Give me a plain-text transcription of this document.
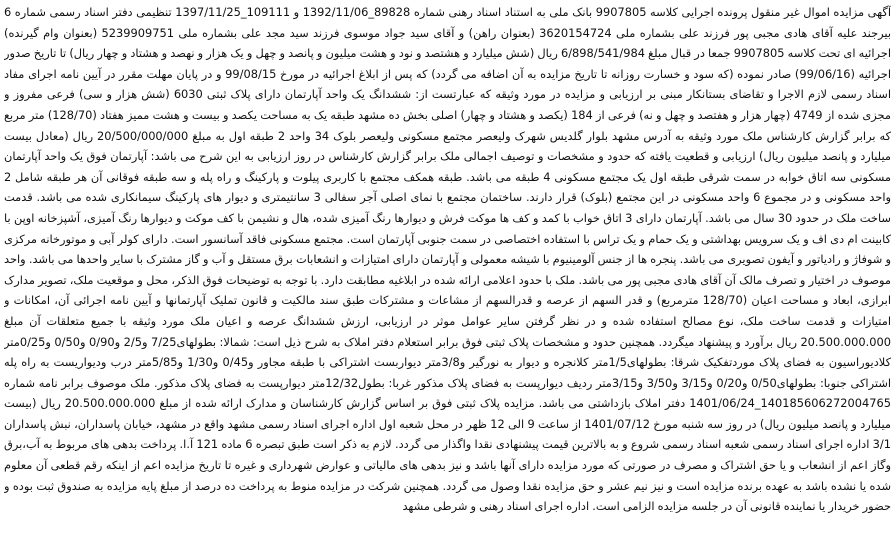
آگهی مزایده اموال غیر منقول پرونده اجرایی کلاسه 9907805 بانک ملی به استناد اسناد رهنی شماره 89828_1392/11/06 و 109111_1397/11/25 تنظیمی دفتر اسناد رسمی شماره 6 بیرجند علیه آقای هادی مجبی پور فرزند علی بشماره ملی 3620154724 (بعنوان راهن) و آقای سید جواد موسوی فرزند سید مجد علی بشماره ملی 5239909751 (بعنوان وام گیرنده) اجرائیه ای تحت کلاسه 9907805 جمعا در قبال مبلغ 6/898/541/984 ریال (شش میلیارد و هشتصد و نود و هشت میلیون و پانصد و چهل و یک هزار و نهصد و هشتاد و چهار ریال) تا تاریخ صدور اجرائیه (99/06/16) صادر نموده (که سود و خسارت روزانه تا تاریخ مزایده به آن اضافه می گردد) که پس از ابلاغ اجرائیه در مورخ 99/08/15 و در پایان مهلت مقرر در آیین نامه اجرای مفاد اسناد رسمی لازم الاجرا و تقاضای بستانکار مبنی بر ارزیابی و مزایده در مورد وثیقه که عبارتست از: ششدانگ یک واحد آپارتمان دارای پلاک ثبتی 6030 (شش هزار و سی) فرعی مفروز و مجزی شده از 4749 (چهار هزار و هفتصد و چهل و نه) فرعی از 184 (یکصد و هشتاد و چهار) اصلی بخش ده مشهد طبقه یک به مساحت یکصد و بیست و هشت ممیز هفتاد (128/70) متر مربع که برابر گزارش کارشناس ملک مورد وثیقه به آدرس مشهد بلوار گلدیس شهرک ولیعصر مجتمع مسکونی ولیعصر بلوک 34 واحد 2 طبقه اول به مبلغ 20/500/000/000 ریال (معادل بیست میلیارد و پانصد میلیون ریال) ارزیابی و قطعیت یافته که حدود و مشخصات و توصیف اجمالی ملک برابر گزارش کارشناس در روز ارزیابی به این شرح می باشد: آپارتمان فوق یک واحد آپارتمان مسکونی سه اتاق خوابه در سمت شرقی طبقه اول یک مجتمع مسکونی 4 طبقه می باشد. طبقه همکف مجتمع با کاربری پیلوت و پارکینگ و راه پله و سه طبقه فوقانی آن هر طبقه شامل 2 واحد مسکونی و در مجموع 6 واحد مسکونی در این مجتمع (بلوک) قرار دارند. ساختمان مجتمع با نمای اصلی آجر سفالی 3 سانتیمتری و دیوار های پارکینگ سیمانکاری شده می باشد. قدمت ساخت ملک در حدود 30 سال می باشد. آپارتمان دارای 3 اتاق خواب با کمد و کف ها موکت فرش و دیوارها رنگ آمیزی شده، هال و نشیمن با کف موکت و دیوارها رنگ آمیزی، آشپزخانه اوپن با کابینت ام دی اف و یک سرویس بهداشتی و یک حمام و یک تراس با استفاده اختصاصی در سمت جنوبی آپارتمان است. مجتمع مسکونی فاقد آسانسور است. دارای کولر آبی و موتورخانه مرکزی و شوفاژ و رادیاتور و آیفون تصویری می باشد. پنجره ها از جنس آلومینیوم با شیشه معمولی و آپارتمان دارای امتیازات و انشعابات برق مستقل و آب و گاز مشترک با سایر واحدها می باشد. واحد موصوف در اختیار و تصرف مالک آن آقای هادی مجبی پور می باشد. ملک با حدود اعلامی ارائه شده در ابلاغیه مطابقت دارد. با توجه به توضیحات فوق الذکر، محل و موقعیت ملک، تصویر مدارک ابرازی، ابعاد و مساحت اعیان (128/70 مترمربع) و قدر السهم از عرصه و قدرالسهم از مشاعات و مشترکات طبق سند مالکیت و قانون تملیک آپارتمانها و آیین نامه اجرائی آن، امکانات و امتیازات و قدمت ساخت ملک، نوع مصالح استفاده شده و در نظر گرفتن سایر عوامل موثر در ارزیابی، ارزش ششدانگ عرصه و اعیان ملک مورد وثیقه با جمیع متعلقات آن مبلغ 20.500.000.000 ریال برآورد و پیشنهاد میگردد. همچنین حدود و مشخصات پلاک ثبتی فوق برابر استعلام دفتر املاک به شرح ذیل است: شمالا: بطولهای7/25 و2/5 و0/90 و0/50 و0/25متر کلادیوراسیون به فضای پلاک موردتفکیک شرقا: بطولهای1/5متر کلانجره و دیوار به نورگیر و3/8متر دیواربست اشتراکی با طبقه مجاور و0/45 و1/30 و5/85متر درب ودیواریست به راه پله اشتراکی جنوبا: بطولهای0/50 و0/20 و3/15 و3/50 و3/15متر ردیف دیوارپست به فضای پلاک مذکور غربا: بطول12/32متر دیوارپست به فضای پلاک مذکور. ملک موصوف برابر نامه شماره 140185606272004765_1401/06/24 دفتر املاک بازداشتی می باشد. مزایده پلاک ثبتی فوق بر اساس گزارش کارشناسان و مدارک ارائه شده از مبلغ 20.500.000.000 ریال (بیست میلیارد و پانصد میلیون ریال) در روز سه شنبه مورخ 1401/07/12 از ساعت 9 الی 12 ظهر در محل شعبه اول اداره اجرای اسناد رسمی مشهد واقع در مشهد، خیابان پاسداران، نبش پاسداران 3/1 اداره اجرای اسناد رسمی شعبه اسناد رسمی شروع و به بالاترین قیمت پیشنهادی نقدا واگذار می گردد. لازم به ذکر است طبق تبصره 6 ماده 121 آ.ا. پرداخت بدهی های مربوط به آب،برق وگاز اعم از انشعاب و یا حق اشتراک و مصرف در صورتی که مورد مزایده دارای آنها باشد و نیز بدهی های مالیاتی و عوارض شهرداری و غیره تا تاریخ مزایده اعم از اینکه رقم قطعی آن معلوم شده یا نشده باشد به عهده برنده مزایده است و نیز نیم عشر و حق مزایده نقدا وصول می گردد. همچنین شرکت در مزایده منوط به پرداخت ده درصد از مبلغ پایه مزایده به صندوق ثبت بوده و حضور خریدار یا نماینده قانونی آن در جلسه مزایده الزامی است. اداره اجرای اسناد رهنی و شرطی مشهد
